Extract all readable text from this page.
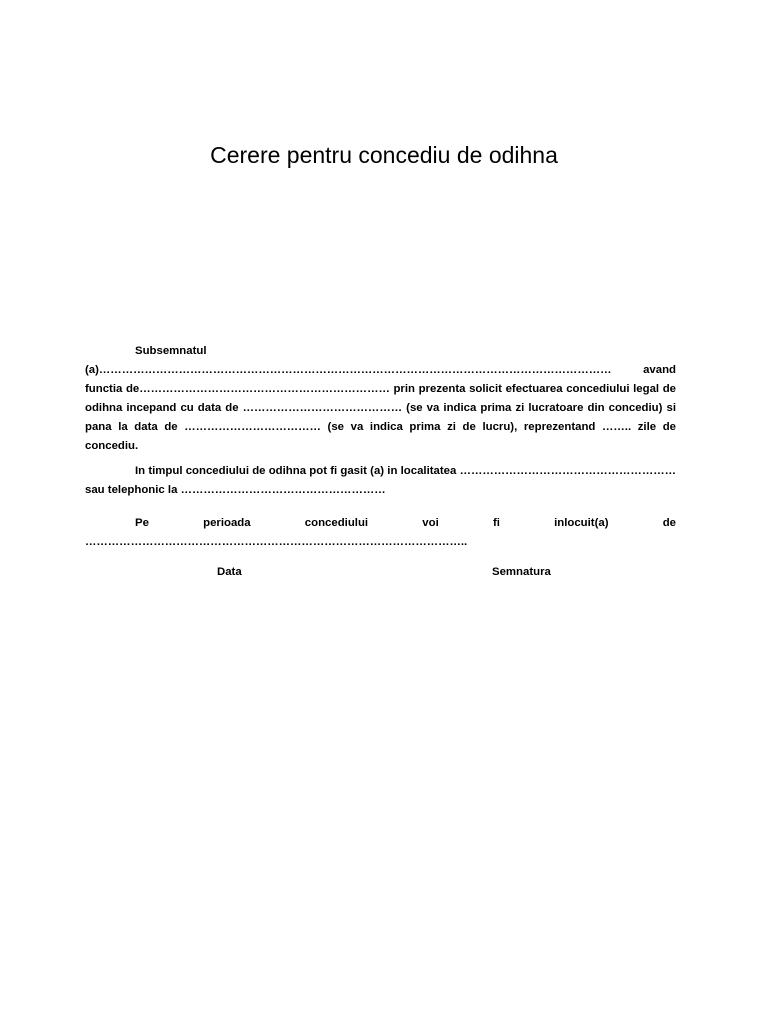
Cerere pentru concediu de odihna

Subsemnatul (a)……………………………………………………………………………………………………………………… avand functia de………………………………………………………… prin prezenta solicit efectuarea concediului legal de odihna incepand cu data de …………………………………… (se va indica prima zi lucratoare din concediu) si pana la data de ……………………………… (se va indica prima zi de lucru), reprezentand …….. zile de concediu.

In timpul concediului de odihna pot fi gasit (a) in localitatea …………………………………………………sau telephonic la ………………………………………………

Pe perioada concediului voi fi inlocuit(a) de ………………………………………………………………………………………..

Data	Semnatura
